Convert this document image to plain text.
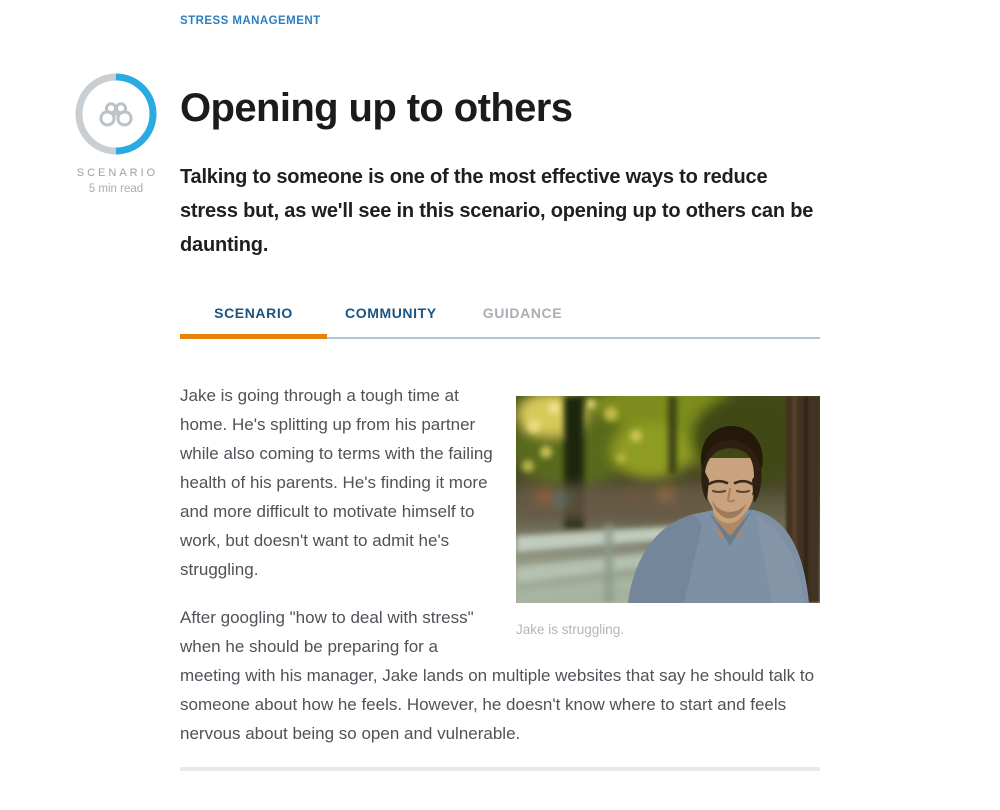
STRESS MANAGEMENT
SCENARIO
5 min read
Opening up to others

Talking to someone is one of the most effective ways to reduce stress but, as we'll see in this scenario, opening up to others can be daunting.

SCENARIO	COMMUNITY	GUIDANCE
Jake is struggling.

Jake is going through a tough time at home. He's splitting up from his partner while also coming to terms with the failing health of his parents. He's finding it more and more difficult to motivate himself to work, but doesn't want to admit he's struggling.

After googling "how to deal with stress" when he should be preparing for a meeting with his manager, Jake lands on multiple websites that say he should talk to someone about how he feels. However, he doesn't know where to start and feels nervous about being so open and vulnerable.
